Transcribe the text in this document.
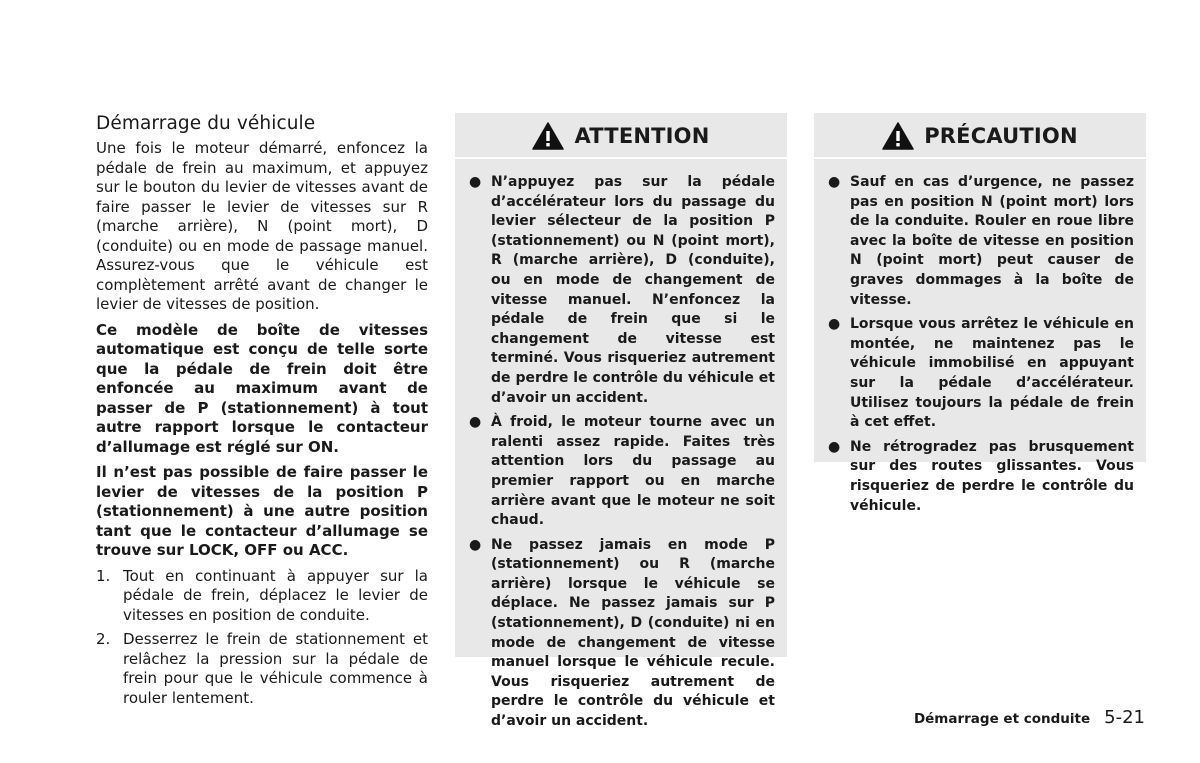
Démarrage du véhicule

Une fois le moteur démarré, enfoncez la pédale de frein au maximum, et appuyez sur le bouton du levier de vitesses avant de faire passer le levier de vitesses sur R (marche arrière), N (point mort), D (conduite) ou en mode de passage manuel. Assurez-vous que le véhicule est complètement arrêté avant de changer le levier de vitesses de position.

Ce modèle de boîte de vitesses automatique est conçu de telle sorte que la pédale de frein doit être enfoncée au maximum avant de passer de P (stationnement) à tout autre rapport lorsque le contacteur d’allumage est réglé sur ON.

Il n’est pas possible de faire passer le levier de vitesses de la position P (stationnement) à une autre position tant que le contacteur d’allumage se trouve sur LOCK, OFF ou ACC.

1. Tout en continuant à appuyer sur la pédale de frein, déplacez le levier de vitesses en position de conduite.
2. Desserrez le frein de stationnement et relâchez la pression sur la pédale de frein pour que le véhicule commence à rouler lentement.
ATTENTION
● N’appuyez pas sur la pédale d’accélérateur lors du passage du levier sélecteur de la position P (stationnement) ou N (point mort), R (marche arrière), D (conduite), ou en mode de changement de vitesse manuel. N’enfoncez la pédale de frein que si le changement de vitesse est terminé. Vous risqueriez autrement de perdre le contrôle du véhicule et d’avoir un accident.
● À froid, le moteur tourne avec un ralenti assez rapide. Faites très attention lors du passage au premier rapport ou en marche arrière avant que le moteur ne soit chaud.
● Ne passez jamais en mode P (stationnement) ou R (marche arrière) lorsque le véhicule se déplace. Ne passez jamais sur P (stationnement), D (conduite) ni en mode de changement de vitesse manuel lorsque le véhicule recule. Vous risqueriez autrement de perdre le contrôle du véhicule et d’avoir un accident.
PRÉCAUTION
● Sauf en cas d’urgence, ne passez pas en position N (point mort) lors de la conduite. Rouler en roue libre avec la boîte de vitesse en position N (point mort) peut causer de graves dommages à la boîte de vitesse.
● Lorsque vous arrêtez le véhicule en montée, ne maintenez pas le véhicule immobilisé en appuyant sur la pédale d’accélérateur. Utilisez toujours la pédale de frein à cet effet.
● Ne rétrogradez pas brusquement sur des routes glissantes. Vous risqueriez de perdre le contrôle du véhicule.
Démarrage et conduite 5-21
